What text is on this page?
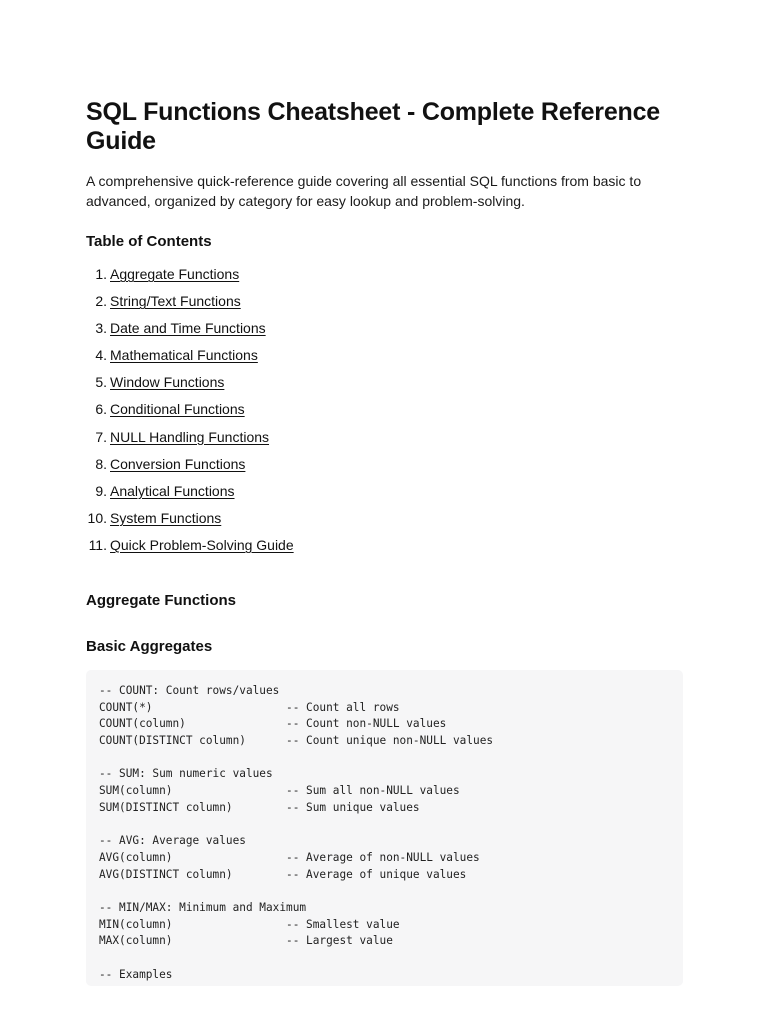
SQL Functions Cheatsheet - Complete Reference Guide

A comprehensive quick-reference guide covering all essential SQL functions from basic to advanced, organized by category for easy lookup and problem-solving.

Table of Contents
1. Aggregate Functions
2. String/Text Functions
3. Date and Time Functions
4. Mathematical Functions
5. Window Functions
6. Conditional Functions
7. NULL Handling Functions
8. Conversion Functions
9. Analytical Functions
10. System Functions
11. Quick Problem-Solving Guide
Aggregate Functions
Basic Aggregates
-- COUNT: Count rows/values
COUNT(*)                    -- Count all rows
COUNT(column)               -- Count non-NULL values
COUNT(DISTINCT column)      -- Count unique non-NULL values
-- SUM: Sum numeric values
SUM(column)                 -- Sum all non-NULL values
SUM(DISTINCT column)        -- Sum unique values
-- AVG: Average values
AVG(column)                 -- Average of non-NULL values
AVG(DISTINCT column)        -- Average of unique values
-- MIN/MAX: Minimum and Maximum
MIN(column)                 -- Smallest value
MAX(column)                 -- Largest value
-- Examples
